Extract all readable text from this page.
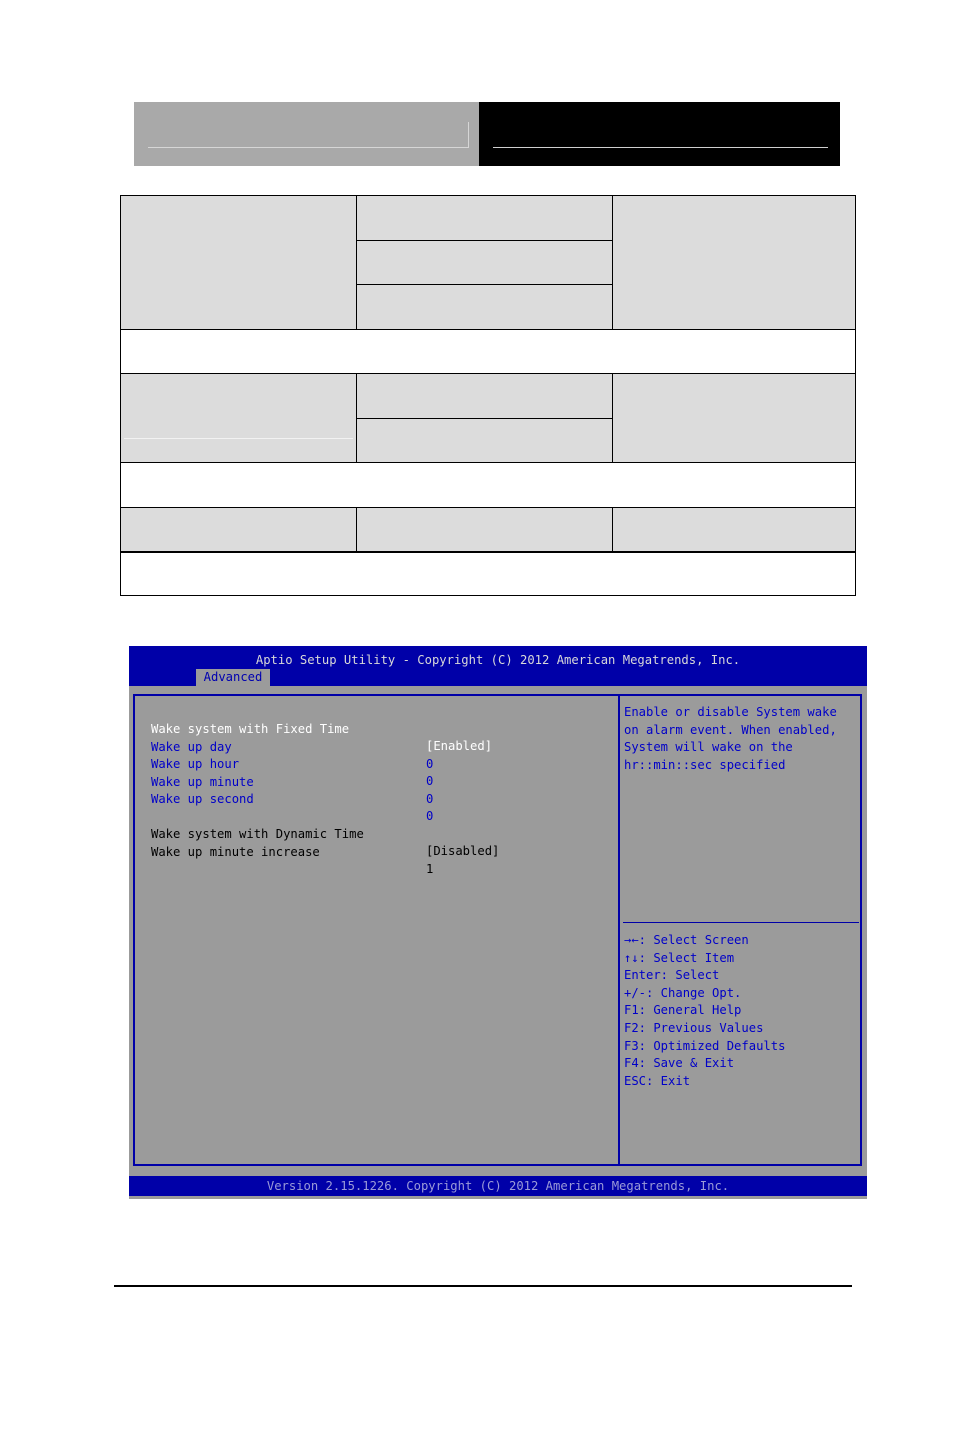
Aptio Setup Utility - Copyright (C) 2012 American Megatrends, Inc.
Advanced

Wake system with Fixed Time

[Enabled]

Wake up day

0

Wake up hour

0

Wake up minute

0

Wake up second

0

Wake system with Dynamic Time

[Disabled]

Wake up minute increase

1

Enable or disable System wake
on alarm event. When enabled,
System will wake on the
hr::min::sec specified
→←: Select Screen
↑↓: Select Item
Enter: Select
+/-: Change Opt.
F1: General Help
F2: Previous Values
F3: Optimized Defaults
F4: Save & Exit
ESC: Exit
Version 2.15.1226. Copyright (C) 2012 American Megatrends, Inc.
